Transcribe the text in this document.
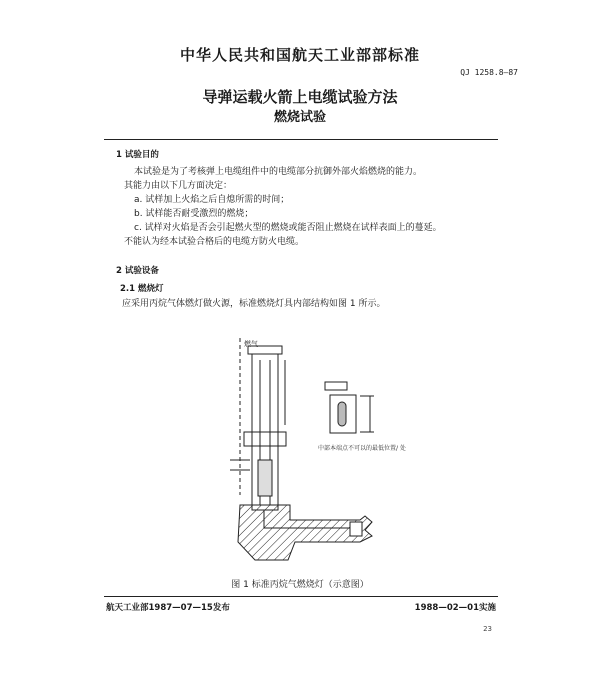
中华人民共和国航天工业部部标准
QJ 1258.8—87
导弹运载火箭上电缆试验方法
燃烧试验
1 试验目的
本试验是为了考核弹上电缆组件中的电缆部分抗御外部火焰燃烧的能力。
其能力由以下几方面决定：
a. 试样加上火焰之后自熄所需的时间；
b. 试样能否耐受激烈的燃烧；
c. 试样对火焰是否会引起燃火型的燃烧或能否阻止燃烧在试样表面上的蔓延。
不能认为经本试验合格后的电缆方防火电缆。
2 试验设备
2.1 燃烧灯
应采用丙烷气体燃灯做火源，标准燃烧灯具内部结构如图 1 所示。
燃气
中部本端点不可以的最低位置/ 处
图 1 标准丙烷气燃烧灯（示意图）
航天工业部1987—07—15发布	1988—02—01实施
23
